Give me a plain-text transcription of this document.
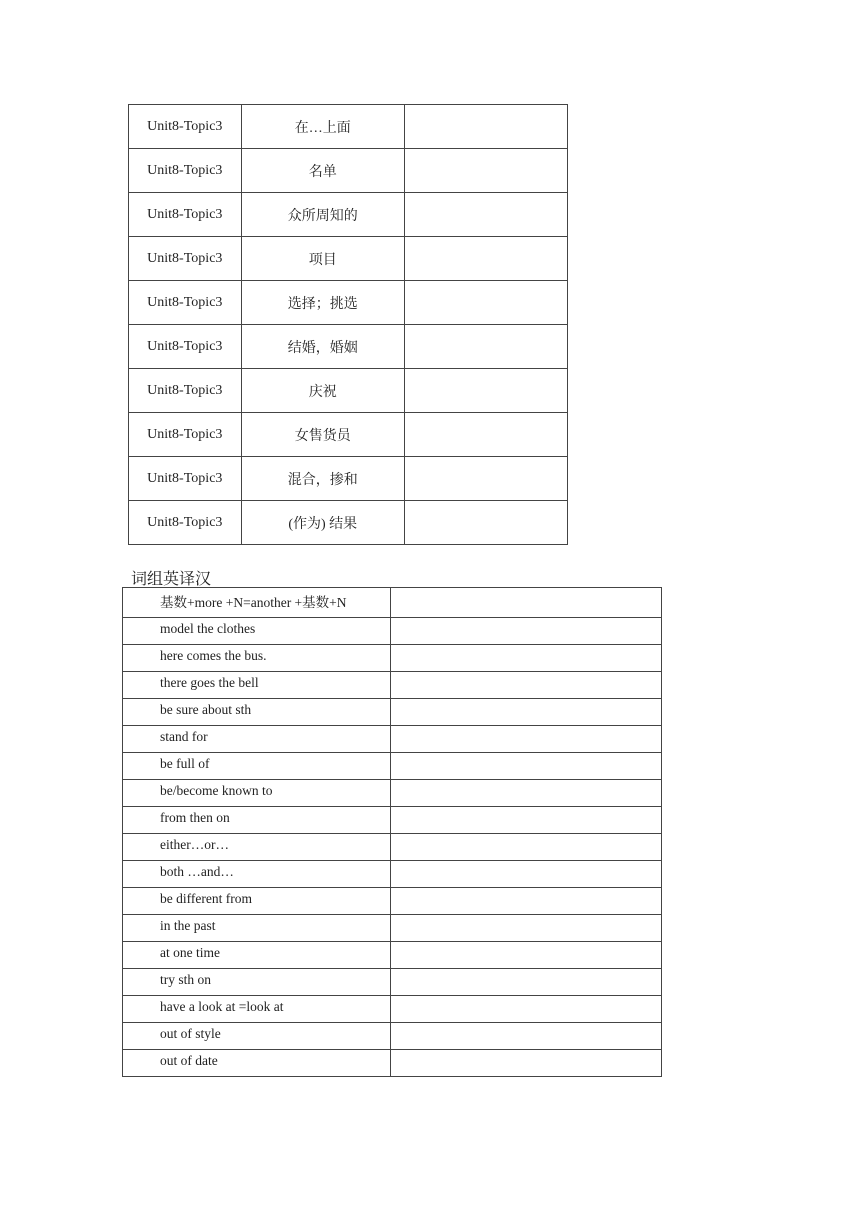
Unit8-Topic3	在…上面	
Unit8-Topic3	名单	
Unit8-Topic3	众所周知的	
Unit8-Topic3	项目	
Unit8-Topic3	选择；挑选	
Unit8-Topic3	结婚，婚姻	
Unit8-Topic3	庆祝	
Unit8-Topic3	女售货员	
Unit8-Topic3	混合，掺和	
Unit8-Topic3	(作为) 结果	
词组英译汉
基数+more +N=another +基数+N	
model the clothes	
here comes the bus.	
there goes the bell	
be sure about sth	
stand for	
be full of	
be/become known to	
from then on	
either…or…	
both …and…	
be different from	
in the past	
at one time	
try sth on	
have a look at =look at	
out of style	
out of date	
